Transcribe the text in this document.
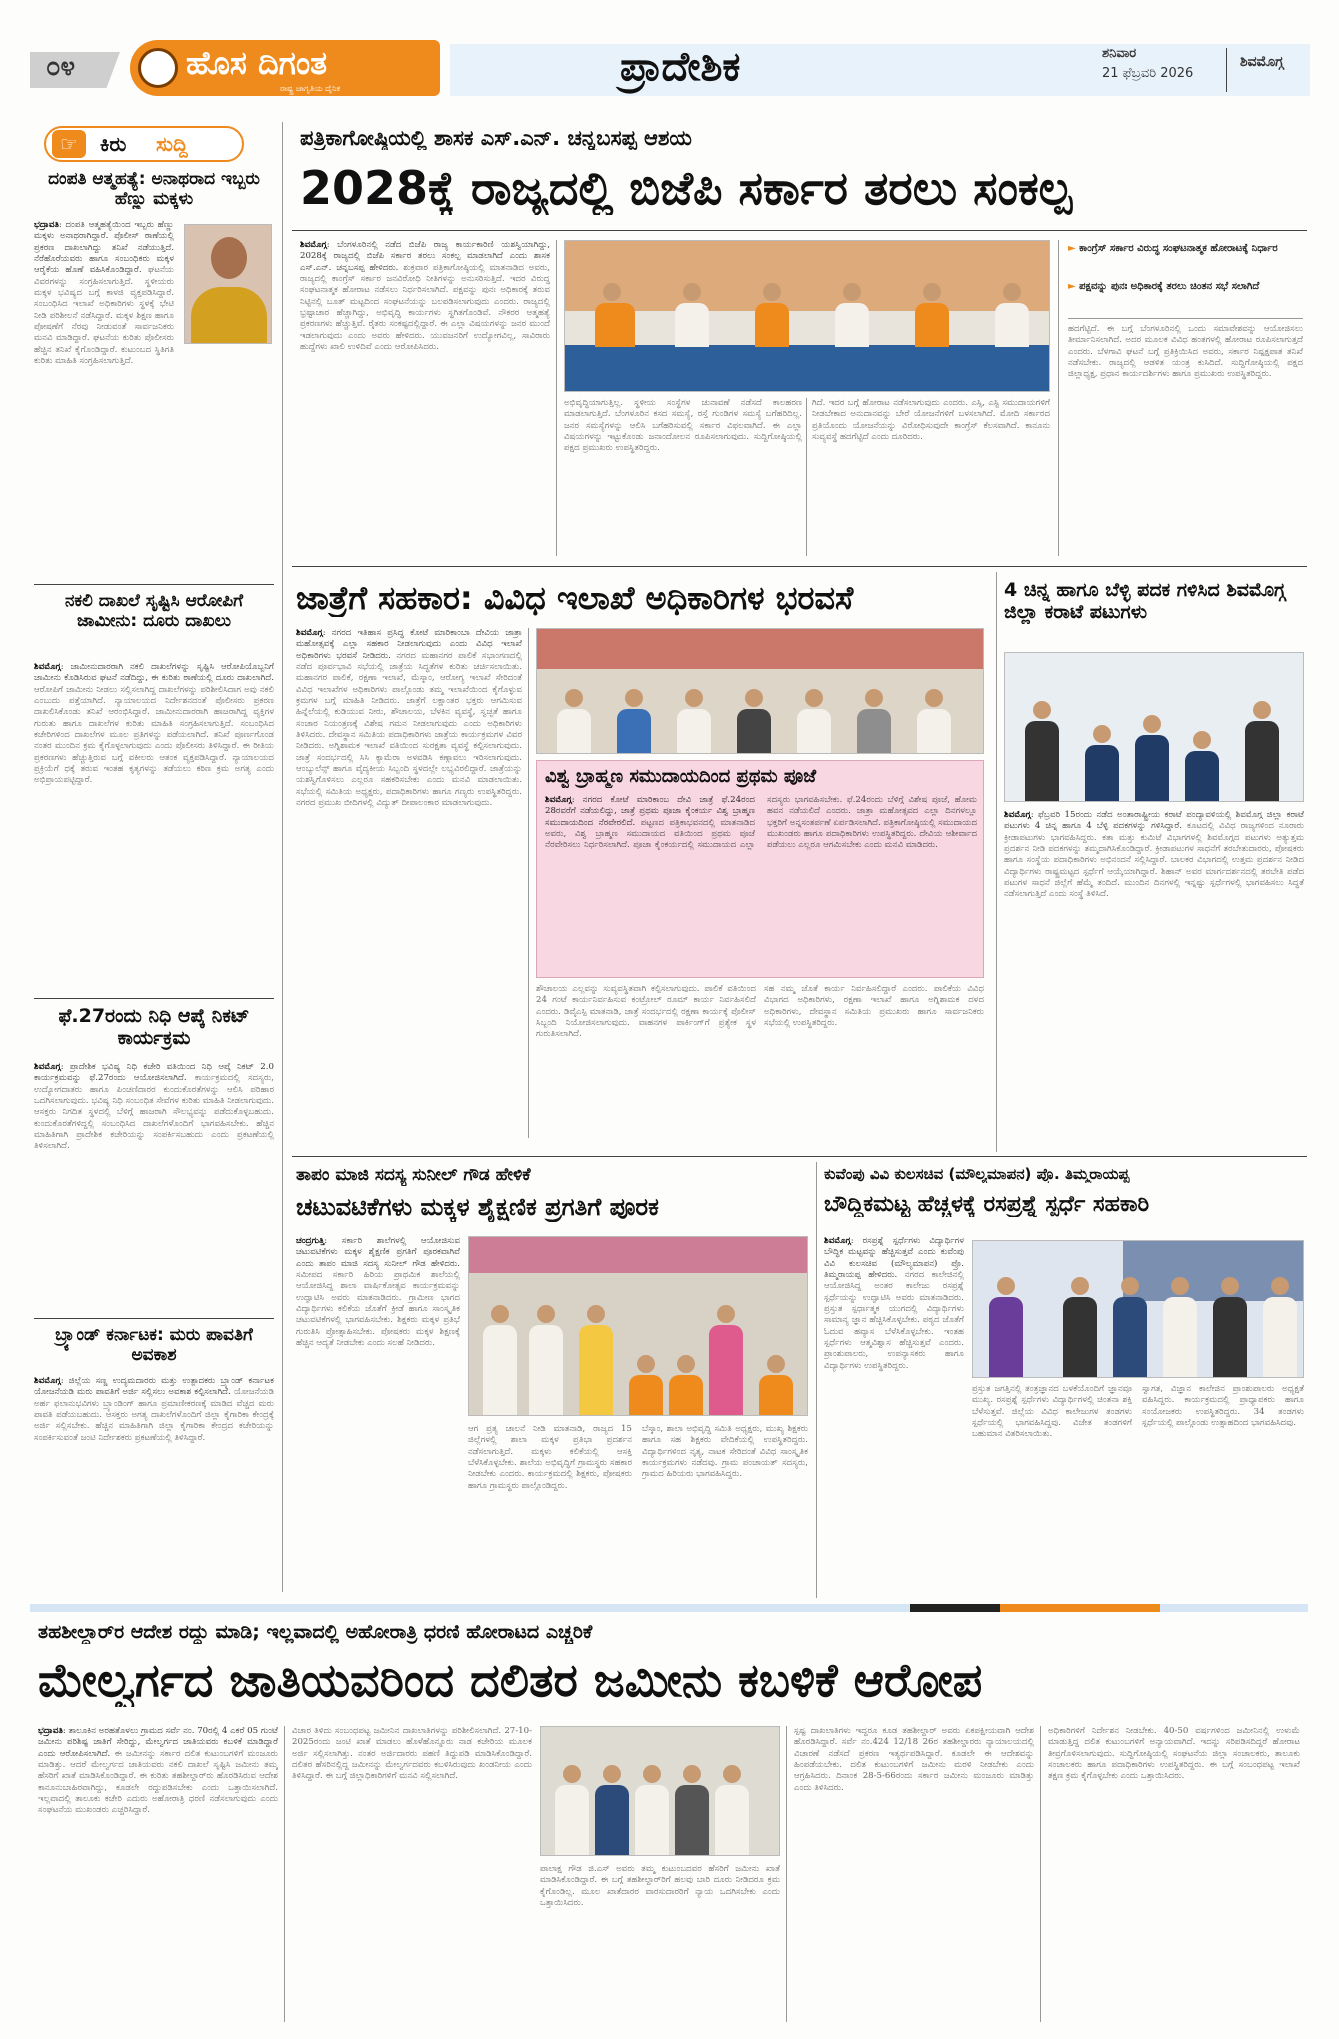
೦೪	ಹೊಸ ದಿಗಂತ
ರಾಷ್ಟ್ರ ಜಾಗೃತಿಯ ದೈನಿಕ	ಪ್ರಾದೇಶಿಕ	ಶನಿವಾರ
21 ಫೆಬ್ರವರಿ 2026
ಶಿವಮೊಗ್ಗ
☞	ಕಿರು ಸುದ್ದಿ
ದಂಪತಿ ಆತ್ಮಹತ್ಯೆ: ಅನಾಥರಾದ ಇಬ್ಬರು ಹೆಣ್ಣು ಮಕ್ಕಳು
ಭದ್ರಾವತಿ: ದಂಪತಿ ಆತ್ಮಹತ್ಯೆಯಿಂದ ಇಬ್ಬರು ಹೆಣ್ಣು ಮಕ್ಕಳು ಅನಾಥರಾಗಿದ್ದಾರೆ. ಪೊಲೀಸ್ ಠಾಣೆಯಲ್ಲಿ ಪ್ರಕರಣ ದಾಖಲಾಗಿದ್ದು ತನಿಖೆ ನಡೆಯುತ್ತಿದೆ. ನೆರೆಹೊರೆಯವರು ಹಾಗೂ ಸಂಬಂಧಿಕರು ಮಕ್ಕಳ ಆರೈಕೆಯ ಹೊಣೆ ವಹಿಸಿಕೊಂಡಿದ್ದಾರೆ. ಘಟನೆಯ ವಿವರಗಳನ್ನು ಸಂಗ್ರಹಿಸಲಾಗುತ್ತಿದೆ. ಸ್ಥಳೀಯರು ಮಕ್ಕಳ ಭವಿಷ್ಯದ ಬಗ್ಗೆ ಕಾಳಜಿ ವ್ಯಕ್ತಪಡಿಸಿದ್ದಾರೆ. ಸಂಬಂಧಿಸಿದ ಇಲಾಖೆ ಅಧಿಕಾರಿಗಳು ಸ್ಥಳಕ್ಕೆ ಭೇಟಿ ನೀಡಿ ಪರಿಶೀಲನೆ ನಡೆಸಿದ್ದಾರೆ. ಮಕ್ಕಳ ಶಿಕ್ಷಣ ಹಾಗೂ ಪೋಷಣೆಗೆ ನೆರವು ನೀಡುವಂತೆ ಸಾರ್ವಜನಿಕರು ಮನವಿ ಮಾಡಿದ್ದಾರೆ. ಘಟನೆಯ ಕುರಿತು ಪೊಲೀಸರು ಹೆಚ್ಚಿನ ತನಿಖೆ ಕೈಗೊಂಡಿದ್ದಾರೆ. ಕುಟುಂಬದ ಸ್ಥಿತಿಗತಿ ಕುರಿತು ಮಾಹಿತಿ ಸಂಗ್ರಹಿಸಲಾಗುತ್ತಿದೆ.
ನಕಲಿ ದಾಖಲೆ ಸೃಷ್ಟಿಸಿ ಆರೋಪಿಗೆ ಜಾಮೀನು: ದೂರು ದಾಖಲು
ಶಿವಮೊಗ್ಗ: ಜಾಮೀನುದಾರರಾಗಿ ನಕಲಿ ದಾಖಲೆಗಳನ್ನು ಸೃಷ್ಟಿಸಿ ಆರೋಪಿಯೊಬ್ಬನಿಗೆ ಜಾಮೀನು ಕೊಡಿಸಿರುವ ಘಟನೆ ನಡೆದಿದ್ದು, ಈ ಕುರಿತು ಠಾಣೆಯಲ್ಲಿ ದೂರು ದಾಖಲಾಗಿದೆ. ಆರೋಪಿಗೆ ಜಾಮೀನು ನೀಡಲು ಸಲ್ಲಿಸಲಾಗಿದ್ದ ದಾಖಲೆಗಳನ್ನು ಪರಿಶೀಲಿಸಿದಾಗ ಅವು ನಕಲಿ ಎಂಬುದು ಪತ್ತೆಯಾಗಿದೆ. ನ್ಯಾಯಾಲಯದ ನಿರ್ದೇಶನದಂತೆ ಪೊಲೀಸರು ಪ್ರಕರಣ ದಾಖಲಿಸಿಕೊಂಡು ತನಿಖೆ ಆರಂಭಿಸಿದ್ದಾರೆ. ಜಾಮೀನುದಾರರಾಗಿ ಹಾಜರಾಗಿದ್ದ ವ್ಯಕ್ತಿಗಳ ಗುರುತು ಹಾಗೂ ದಾಖಲೆಗಳ ಕುರಿತು ಮಾಹಿತಿ ಸಂಗ್ರಹಿಸಲಾಗುತ್ತಿದೆ. ಸಂಬಂಧಿಸಿದ ಕಚೇರಿಗಳಿಂದ ದಾಖಲೆಗಳ ಮೂಲ ಪ್ರತಿಗಳನ್ನು ಪಡೆಯಲಾಗಿದೆ. ತನಿಖೆ ಪೂರ್ಣಗೊಂಡ ನಂತರ ಮುಂದಿನ ಕ್ರಮ ಕೈಗೊಳ್ಳಲಾಗುವುದು ಎಂದು ಪೊಲೀಸರು ತಿಳಿಸಿದ್ದಾರೆ. ಈ ರೀತಿಯ ಪ್ರಕರಣಗಳು ಹೆಚ್ಚುತ್ತಿರುವ ಬಗ್ಗೆ ವಕೀಲರು ಆತಂಕ ವ್ಯಕ್ತಪಡಿಸಿದ್ದಾರೆ. ನ್ಯಾಯಾಲಯದ ಪ್ರಕ್ರಿಯೆಗೆ ಧಕ್ಕೆ ತರುವ ಇಂತಹ ಕೃತ್ಯಗಳನ್ನು ತಡೆಯಲು ಕಠಿಣ ಕ್ರಮ ಅಗತ್ಯ ಎಂದು ಅಭಿಪ್ರಾಯಪಟ್ಟಿದ್ದಾರೆ.
ಫೆ.27ರಂದು ನಿಧಿ ಆಪ್ಕೆ ನಿಕಟ್ ಕಾರ್ಯಕ್ರಮ
ಶಿವಮೊಗ್ಗ: ಪ್ರಾದೇಶಿಕ ಭವಿಷ್ಯ ನಿಧಿ ಕಚೇರಿ ವತಿಯಿಂದ ನಿಧಿ ಆಪ್ಕೆ ನಿಕಟ್ 2.0 ಕಾರ್ಯಕ್ರಮವನ್ನು ಫೆ.27ರಂದು ಆಯೋಜಿಸಲಾಗಿದೆ. ಕಾರ್ಯಕ್ರಮದಲ್ಲಿ ಸದಸ್ಯರು, ಉದ್ಯೋಗದಾತರು ಹಾಗೂ ಪಿಂಚಣಿದಾರರ ಕುಂದುಕೊರತೆಗಳನ್ನು ಆಲಿಸಿ ಪರಿಹಾರ ಒದಗಿಸಲಾಗುವುದು. ಭವಿಷ್ಯ ನಿಧಿ ಸಂಬಂಧಿತ ಸೇವೆಗಳ ಕುರಿತು ಮಾಹಿತಿ ನೀಡಲಾಗುವುದು. ಆಸಕ್ತರು ನಿಗದಿತ ಸ್ಥಳದಲ್ಲಿ ಬೆಳಿಗ್ಗೆ ಹಾಜರಾಗಿ ಸೌಲಭ್ಯವನ್ನು ಪಡೆದುಕೊಳ್ಳಬಹುದು. ಕುಂದುಕೊರತೆಗಳಿದ್ದಲ್ಲಿ ಸಂಬಂಧಿಸಿದ ದಾಖಲೆಗಳೊಂದಿಗೆ ಭಾಗವಹಿಸಬೇಕು. ಹೆಚ್ಚಿನ ಮಾಹಿತಿಗಾಗಿ ಪ್ರಾದೇಶಿಕ ಕಚೇರಿಯನ್ನು ಸಂಪರ್ಕಿಸಬಹುದು ಎಂದು ಪ್ರಕಟಣೆಯಲ್ಲಿ ತಿಳಿಸಲಾಗಿದೆ.
ಬ್ರ್ಯಾಂಡ್ ಕರ್ನಾಟಕ: ಮರು ಪಾವತಿಗೆ ಅವಕಾಶ
ಶಿವಮೊಗ್ಗ: ಜಿಲ್ಲೆಯ ಸಣ್ಣ ಉದ್ಯಮದಾರರು ಮತ್ತು ಉತ್ಪಾದಕರು ಬ್ರ್ಯಾಂಡ್ ಕರ್ನಾಟಕ ಯೋಜನೆಯಡಿ ಮರು ಪಾವತಿಗೆ ಅರ್ಜಿ ಸಲ್ಲಿಸಲು ಅವಕಾಶ ಕಲ್ಪಿಸಲಾಗಿದೆ. ಯೋಜನೆಯಡಿ ಅರ್ಹ ಫಲಾನುಭವಿಗಳು ಬ್ರ್ಯಾಂಡಿಂಗ್ ಹಾಗೂ ಪ್ರಮಾಣೀಕರಣಕ್ಕೆ ಮಾಡಿದ ವೆಚ್ಚದ ಮರು ಪಾವತಿ ಪಡೆಯಬಹುದು. ಆಸಕ್ತರು ಅಗತ್ಯ ದಾಖಲೆಗಳೊಂದಿಗೆ ಜಿಲ್ಲಾ ಕೈಗಾರಿಕಾ ಕೇಂದ್ರಕ್ಕೆ ಅರ್ಜಿ ಸಲ್ಲಿಸಬೇಕು. ಹೆಚ್ಚಿನ ಮಾಹಿತಿಗಾಗಿ ಜಿಲ್ಲಾ ಕೈಗಾರಿಕಾ ಕೇಂದ್ರದ ಕಚೇರಿಯನ್ನು ಸಂಪರ್ಕಿಸುವಂತೆ ಜಂಟಿ ನಿರ್ದೇಶಕರು ಪ್ರಕಟಣೆಯಲ್ಲಿ ತಿಳಿಸಿದ್ದಾರೆ.
ಪತ್ರಿಕಾಗೋಷ್ಠಿಯಲ್ಲಿ ಶಾಸಕ ಎಸ್.ಎನ್. ಚನ್ನಬಸಪ್ಪ ಆಶಯ
2028ಕ್ಕೆ ರಾಜ್ಯದಲ್ಲಿ ಬಿಜೆಪಿ ಸರ್ಕಾರ ತರಲು ಸಂಕಲ್ಪ
ಶಿವಮೊಗ್ಗ: ಬೆಂಗಳೂರಿನಲ್ಲಿ ನಡೆದ ಬಿಜೆಪಿ ರಾಜ್ಯ ಕಾರ್ಯಕಾರಿಣಿ ಯಶಸ್ವಿಯಾಗಿದ್ದು, 2028ಕ್ಕೆ ರಾಜ್ಯದಲ್ಲಿ ಬಿಜೆಪಿ ಸರ್ಕಾರ ತರಲು ಸಂಕಲ್ಪ ಮಾಡಲಾಗಿದೆ ಎಂದು ಶಾಸಕ ಎಸ್.ಎನ್. ಚನ್ನಬಸಪ್ಪ ಹೇಳಿದರು. ಶುಕ್ರವಾರ ಪತ್ರಿಕಾಗೋಷ್ಠಿಯಲ್ಲಿ ಮಾತನಾಡಿದ ಅವರು, ರಾಜ್ಯದಲ್ಲಿ ಕಾಂಗ್ರೆಸ್ ಸರ್ಕಾರ ಜನವಿರೋಧಿ ನೀತಿಗಳನ್ನು ಅನುಸರಿಸುತ್ತಿದೆ. ಇದರ ವಿರುದ್ಧ ಸಂಘಟನಾತ್ಮಕ ಹೋರಾಟ ನಡೆಸಲು ನಿರ್ಧರಿಸಲಾಗಿದೆ. ಪಕ್ಷವನ್ನು ಪುನಃ ಅಧಿಕಾರಕ್ಕೆ ತರುವ ನಿಟ್ಟಿನಲ್ಲಿ ಬೂತ್ ಮಟ್ಟದಿಂದ ಸಂಘಟನೆಯನ್ನು ಬಲಪಡಿಸಲಾಗುವುದು ಎಂದರು. ರಾಜ್ಯದಲ್ಲಿ ಭ್ರಷ್ಟಾಚಾರ ಹೆಚ್ಚಾಗಿದ್ದು, ಅಭಿವೃದ್ಧಿ ಕಾರ್ಯಗಳು ಸ್ಥಗಿತಗೊಂಡಿವೆ. ನೌಕರರ ಆತ್ಮಹತ್ಯೆ ಪ್ರಕರಣಗಳು ಹೆಚ್ಚುತ್ತಿವೆ. ರೈತರು ಸಂಕಷ್ಟದಲ್ಲಿದ್ದಾರೆ. ಈ ಎಲ್ಲಾ ವಿಷಯಗಳನ್ನು ಜನರ ಮುಂದೆ ಇಡಲಾಗುವುದು ಎಂದು ಅವರು ಹೇಳಿದರು. ಯುವಜನರಿಗೆ ಉದ್ಯೋಗವಿಲ್ಲ, ಸಾವಿರಾರು ಹುದ್ದೆಗಳು ಖಾಲಿ ಉಳಿದಿವೆ ಎಂದು ಆರೋಪಿಸಿದರು.
ಅಭಿವೃದ್ಧಿಯಾಗುತ್ತಿಲ್ಲ. ಸ್ಥಳೀಯ ಸಂಸ್ಥೆಗಳ ಚುನಾವಣೆ ನಡೆಸದೆ ಕಾಲಹರಣ ಮಾಡಲಾಗುತ್ತಿದೆ. ಬೆಂಗಳೂರಿನ ಕಸದ ಸಮಸ್ಯೆ, ರಸ್ತೆ ಗುಂಡಿಗಳ ಸಮಸ್ಯೆ ಬಗೆಹರಿದಿಲ್ಲ. ಜನರ ಸಮಸ್ಯೆಗಳನ್ನು ಆಲಿಸಿ ಬಗೆಹರಿಸುವಲ್ಲಿ ಸರ್ಕಾರ ವಿಫಲವಾಗಿದೆ. ಈ ಎಲ್ಲಾ ವಿಷಯಗಳನ್ನು ಇಟ್ಟುಕೊಂಡು ಜನಾಂದೋಲನ ರೂಪಿಸಲಾಗುವುದು. ಸುದ್ದಿಗೋಷ್ಠಿಯಲ್ಲಿ ಪಕ್ಷದ ಪ್ರಮುಖರು ಉಪಸ್ಥಿತರಿದ್ದರು.
ಗಿದೆ. ಇದರ ಬಗ್ಗೆ ಹೋರಾಟ ನಡೆಸಲಾಗುವುದು ಎಂದರು. ಎಸ್ಸಿ, ಎಸ್ಟಿ ಸಮುದಾಯಗಳಿಗೆ ನೀಡಬೇಕಾದ ಅನುದಾನವನ್ನು ಬೇರೆ ಯೋಜನೆಗಳಿಗೆ ಬಳಸಲಾಗಿದೆ. ಮೋದಿ ಸರ್ಕಾರದ ಪ್ರತಿಯೊಂದು ಯೋಜನೆಯನ್ನು ವಿರೋಧಿಸುವುದೇ ಕಾಂಗ್ರೆಸ್ ಕೆಲಸವಾಗಿದೆ. ಕಾನೂನು ಸುವ್ಯವಸ್ಥೆ ಹದಗೆಟ್ಟಿದೆ ಎಂದು ದೂರಿದರು.
► ಕಾಂಗ್ರೆಸ್ ಸರ್ಕಾರ ವಿರುದ್ಧ ಸಂಘಟನಾತ್ಮಕ ಹೋರಾಟಕ್ಕೆ ನಿರ್ಧಾರ
► ಪಕ್ಷವನ್ನು ಪುನಃ ಅಧಿಕಾರಕ್ಕೆ ತರಲು ಚಿಂತನ ಸಭೆ ಸಲಾಗಿದೆ
ಹದಗೆಟ್ಟಿದೆ. ಈ ಬಗ್ಗೆ ಬೆಂಗಳೂರಿನಲ್ಲಿ ಒಂದು ಸಮಾವೇಶವನ್ನು ಆಯೋಜಿಸಲು ತೀರ್ಮಾನಿಸಲಾಗಿದೆ. ಅದರ ಮೂಲಕ ವಿವಿಧ ಹಂತಗಳಲ್ಲಿ ಹೋರಾಟ ರೂಪಿಸಲಾಗುತ್ತದೆ ಎಂದರು. ಬೆಳಗಾವಿ ಘಟನೆ ಬಗ್ಗೆ ಪ್ರತಿಕ್ರಿಯಿಸಿದ ಅವರು, ಸರ್ಕಾರ ನಿಷ್ಪಕ್ಷಪಾತ ತನಿಖೆ ನಡೆಸಬೇಕು. ರಾಜ್ಯದಲ್ಲಿ ಆಡಳಿತ ಯಂತ್ರ ಕುಸಿದಿದೆ. ಸುದ್ದಿಗೋಷ್ಠಿಯಲ್ಲಿ ಪಕ್ಷದ ಜಿಲ್ಲಾಧ್ಯಕ್ಷ, ಪ್ರಧಾನ ಕಾರ್ಯದರ್ಶಿಗಳು ಹಾಗೂ ಪ್ರಮುಖರು ಉಪಸ್ಥಿತರಿದ್ದರು.
ಜಾತ್ರೆಗೆ ಸಹಕಾರ: ವಿವಿಧ ಇಲಾಖೆ ಅಧಿಕಾರಿಗಳ ಭರವಸೆ
ಶಿವಮೊಗ್ಗ: ನಗರದ ಇತಿಹಾಸ ಪ್ರಸಿದ್ಧ ಕೋಟೆ ಮಾರಿಕಾಂಬಾ ದೇವಿಯ ಜಾತ್ರಾ ಮಹೋತ್ಸವಕ್ಕೆ ಎಲ್ಲಾ ಸಹಕಾರ ನೀಡಲಾಗುವುದು ಎಂದು ವಿವಿಧ ಇಲಾಖೆ ಅಧಿಕಾರಿಗಳು ಭರವಸೆ ನೀಡಿದರು. ನಗರದ ಮಹಾನಗರ ಪಾಲಿಕೆ ಸಭಾಂಗಣದಲ್ಲಿ ನಡೆದ ಪೂರ್ವಭಾವಿ ಸಭೆಯಲ್ಲಿ ಜಾತ್ರೆಯ ಸಿದ್ಧತೆಗಳ ಕುರಿತು ಚರ್ಚಿಸಲಾಯಿತು. ಮಹಾನಗರ ಪಾಲಿಕೆ, ರಕ್ಷಣಾ ಇಲಾಖೆ, ಮೆಸ್ಕಾಂ, ಆರೋಗ್ಯ ಇಲಾಖೆ ಸೇರಿದಂತೆ ವಿವಿಧ ಇಲಾಖೆಗಳ ಅಧಿಕಾರಿಗಳು ಪಾಲ್ಗೊಂಡು ತಮ್ಮ ಇಲಾಖೆಯಿಂದ ಕೈಗೊಳ್ಳುವ ಕ್ರಮಗಳ ಬಗ್ಗೆ ಮಾಹಿತಿ ನೀಡಿದರು. ಜಾತ್ರೆಗೆ ಲಕ್ಷಾಂತರ ಭಕ್ತರು ಆಗಮಿಸುವ ಹಿನ್ನೆಲೆಯಲ್ಲಿ ಕುಡಿಯುವ ನೀರು, ಶೌಚಾಲಯ, ಬೆಳಕಿನ ವ್ಯವಸ್ಥೆ, ಸ್ವಚ್ಛತೆ ಹಾಗೂ ಸಂಚಾರ ನಿಯಂತ್ರಣಕ್ಕೆ ವಿಶೇಷ ಗಮನ ನೀಡಲಾಗುವುದು ಎಂದು ಅಧಿಕಾರಿಗಳು ತಿಳಿಸಿದರು. ದೇವಸ್ಥಾನ ಸಮಿತಿಯ ಪದಾಧಿಕಾರಿಗಳು ಜಾತ್ರೆಯ ಕಾರ್ಯಕ್ರಮಗಳ ವಿವರ ನೀಡಿದರು. ಅಗ್ನಿಶಾಮಕ ಇಲಾಖೆ ವತಿಯಿಂದ ಸುರಕ್ಷತಾ ವ್ಯವಸ್ಥೆ ಕಲ್ಪಿಸಲಾಗುವುದು. ಜಾತ್ರೆ ಸಂದರ್ಭದಲ್ಲಿ ಸಿಸಿ ಕ್ಯಾಮೆರಾ ಅಳವಡಿಸಿ ಕಣ್ಗಾವಲು ಇರಿಸಲಾಗುವುದು. ಆಂಬ್ಯುಲೆನ್ಸ್ ಹಾಗೂ ವೈದ್ಯಕೀಯ ಸಿಬ್ಬಂದಿ ಸ್ಥಳದಲ್ಲೇ ಲಭ್ಯವಿರಲಿದ್ದಾರೆ. ಜಾತ್ರೆಯನ್ನು ಯಶಸ್ವಿಗೊಳಿಸಲು ಎಲ್ಲರೂ ಸಹಕರಿಸಬೇಕು ಎಂದು ಮನವಿ ಮಾಡಲಾಯಿತು. ಸಭೆಯಲ್ಲಿ ಸಮಿತಿಯ ಅಧ್ಯಕ್ಷರು, ಪದಾಧಿಕಾರಿಗಳು ಹಾಗೂ ಗಣ್ಯರು ಉಪಸ್ಥಿತರಿದ್ದರು. ನಗರದ ಪ್ರಮುಖ ಬೀದಿಗಳಲ್ಲಿ ವಿದ್ಯುತ್ ದೀಪಾಲಂಕಾರ ಮಾಡಲಾಗುವುದು.
ವಿಶ್ವ ಬ್ರಾಹ್ಮಣ ಸಮುದಾಯದಿಂದ ಪ್ರಥಮ ಪೂಜೆ
ಶಿವಮೊಗ್ಗ: ನಗರದ ಕೋಟೆ ಮಾರಿಕಾಂಬ ದೇವಿ ಜಾತ್ರೆ ಫೆ.24ರಂದ 28ರವರೆಗೆ ನಡೆಯಲಿದ್ದು, ಜಾತ್ರೆ ಪ್ರಥಮ ಪೂಜಾ ಕೈಂಕರ್ಯ ವಿಶ್ವ ಬ್ರಾಹ್ಮಣ ಸಮುದಾಯದಿಂದ ನೆರವೇರಲಿದೆ. ಪಟ್ಟಣದ ಪತ್ರಿಕಾಭವನದಲ್ಲಿ ಮಾತನಾಡಿದ ಅವರು, ವಿಶ್ವ ಬ್ರಾಹ್ಮಣ ಸಮುದಾಯದ ವತಿಯಿಂದ ಪ್ರಥಮ ಪೂಜೆ ನೆರವೇರಿಸಲು ನಿರ್ಧರಿಸಲಾಗಿದೆ. ಪೂಜಾ ಕೈಂಕರ್ಯದಲ್ಲಿ ಸಮುದಾಯದ ಎಲ್ಲಾ ಸದಸ್ಯರು ಭಾಗವಹಿಸಬೇಕು. ಫೆ.24ರಂದು ಬೆಳಿಗ್ಗೆ ವಿಶೇಷ ಪೂಜೆ, ಹೋಮ ಹವನ ನಡೆಯಲಿದೆ ಎಂದರು. ಜಾತ್ರಾ ಮಹೋತ್ಸವದ ಎಲ್ಲಾ ದಿನಗಳಲ್ಲೂ ಭಕ್ತರಿಗೆ ಅನ್ನಸಂತರ್ಪಣೆ ಏರ್ಪಡಿಸಲಾಗಿದೆ. ಪತ್ರಿಕಾಗೋಷ್ಠಿಯಲ್ಲಿ ಸಮುದಾಯದ ಮುಖಂಡರು ಹಾಗೂ ಪದಾಧಿಕಾರಿಗಳು ಉಪಸ್ಥಿತರಿದ್ದರು. ದೇವಿಯ ಆಶೀರ್ವಾದ ಪಡೆಯಲು ಎಲ್ಲರೂ ಆಗಮಿಸಬೇಕು ಎಂದು ಮನವಿ ಮಾಡಿದರು.
ಶೌಚಾಲಯ ಎಲ್ಲವನ್ನು ಸುವ್ಯವಸ್ಥಿತವಾಗಿ ಕಲ್ಪಿಸಲಾಗುವುದು. ಪಾಲಿಕೆ ವತಿಯಿಂದ 24 ಗಂಟೆ ಕಾರ್ಯನಿರ್ವಹಿಸುವ ಕಂಟ್ರೋಲ್ ರೂಮ್ ಕಾರ್ಯ ನಿರ್ವಹಿಸಲಿದೆ ಎಂದರು. ಡಿವೈಎಸ್ಪಿ ಮಾತನಾಡಿ, ಜಾತ್ರೆ ಸಂದರ್ಭದಲ್ಲಿ ರಕ್ಷಣಾ ಕಾರ್ಯಕ್ಕೆ ಪೊಲೀಸ್ ಸಿಬ್ಬಂದಿ ನಿಯೋಜಿಸಲಾಗುವುದು. ವಾಹನಗಳ ಪಾರ್ಕಿಂಗ್‌ಗೆ ಪ್ರತ್ಯೇಕ ಸ್ಥಳ ಗುರುತಿಸಲಾಗಿದೆ.
ಸಹ ನಮ್ಮ ಜೊತೆ ಕಾರ್ಯ ನಿರ್ವಹಿಸಲಿದ್ದಾರೆ ಎಂದರು. ಪಾಲಿಕೆಯ ವಿವಿಧ ವಿಭಾಗದ ಅಧಿಕಾರಿಗಳು, ರಕ್ಷಣಾ ಇಲಾಖೆ ಹಾಗೂ ಅಗ್ನಿಶಾಮಕ ದಳದ ಅಧಿಕಾರಿಗಳು, ದೇವಸ್ಥಾನ ಸಮಿತಿಯ ಪ್ರಮುಖರು ಹಾಗೂ ಸಾರ್ವಜನಿಕರು ಸಭೆಯಲ್ಲಿ ಉಪಸ್ಥಿತರಿದ್ದರು.
4 ಚಿನ್ನ ಹಾಗೂ ಬೆಳ್ಳಿ ಪದಕ ಗಳಿಸಿದ ಶಿವಮೊಗ್ಗ ಜಿಲ್ಲಾ ಕರಾಟೆ ಪಟುಗಳು
ಶಿವಮೊಗ್ಗ: ಫೆಬ್ರವರಿ 15ರಂದು ನಡೆದ ಅಂತಾರಾಷ್ಟ್ರೀಯ ಕರಾಟೆ ಪಂದ್ಯಾವಳಿಯಲ್ಲಿ ಶಿವಮೊಗ್ಗ ಜಿಲ್ಲಾ ಕರಾಟೆ ಪಟುಗಳು 4 ಚಿನ್ನ ಹಾಗೂ 4 ಬೆಳ್ಳಿ ಪದಕಗಳನ್ನು ಗಳಿಸಿದ್ದಾರೆ. ಕೂಟದಲ್ಲಿ ವಿವಿಧ ರಾಜ್ಯಗಳಿಂದ ನೂರಾರು ಕ್ರೀಡಾಪಟುಗಳು ಭಾಗವಹಿಸಿದ್ದರು. ಕತಾ ಮತ್ತು ಕುಮಿಟೆ ವಿಭಾಗಗಳಲ್ಲಿ ಶಿವಮೊಗ್ಗದ ಪಟುಗಳು ಅತ್ಯುತ್ತಮ ಪ್ರದರ್ಶನ ನೀಡಿ ಪದಕಗಳನ್ನು ತಮ್ಮದಾಗಿಸಿಕೊಂಡಿದ್ದಾರೆ. ಕ್ರೀಡಾಪಟುಗಳ ಸಾಧನೆಗೆ ತರಬೇತುದಾರರು, ಪೋಷಕರು ಹಾಗೂ ಸಂಸ್ಥೆಯ ಪದಾಧಿಕಾರಿಗಳು ಅಭಿನಂದನೆ ಸಲ್ಲಿಸಿದ್ದಾರೆ. ಬಾಲಕರ ವಿಭಾಗದಲ್ಲಿ ಉತ್ತಮ ಪ್ರದರ್ಶನ ನೀಡಿದ ವಿದ್ಯಾರ್ಥಿಗಳು ರಾಷ್ಟ್ರಮಟ್ಟದ ಸ್ಪರ್ಧೆಗೆ ಆಯ್ಕೆಯಾಗಿದ್ದಾರೆ. ಶಿಹಾನ್ ಅವರ ಮಾರ್ಗದರ್ಶನದಲ್ಲಿ ತರಬೇತಿ ಪಡೆದ ಪಟುಗಳ ಸಾಧನೆ ಜಿಲ್ಲೆಗೆ ಹೆಮ್ಮೆ ತಂದಿದೆ. ಮುಂದಿನ ದಿನಗಳಲ್ಲಿ ಇನ್ನಷ್ಟು ಸ್ಪರ್ಧೆಗಳಲ್ಲಿ ಭಾಗವಹಿಸಲು ಸಿದ್ಧತೆ ನಡೆಸಲಾಗುತ್ತಿದೆ ಎಂದು ಸಂಸ್ಥೆ ತಿಳಿಸಿದೆ.
ತಾಪಂ ಮಾಜಿ ಸದಸ್ಯ ಸುನೀಲ್ ಗೌಡ ಹೇಳಿಕೆ
ಚಟುವಟಿಕೆಗಳು ಮಕ್ಕಳ ಶೈಕ್ಷಣಿಕ ಪ್ರಗತಿಗೆ ಪೂರಕ
ಚಂದ್ರಗುತ್ತಿ: ಸರ್ಕಾರಿ ಶಾಲೆಗಳಲ್ಲಿ ಆಯೋಜಿಸುವ ಚಟುವಟಿಕೆಗಳು ಮಕ್ಕಳ ಶೈಕ್ಷಣಿಕ ಪ್ರಗತಿಗೆ ಪೂರಕವಾಗಿವೆ ಎಂದು ತಾಪಂ ಮಾಜಿ ಸದಸ್ಯ ಸುನೀಲ್ ಗೌಡ ಹೇಳಿದರು. ಸಮೀಪದ ಸರ್ಕಾರಿ ಹಿರಿಯ ಪ್ರಾಥಮಿಕ ಶಾಲೆಯಲ್ಲಿ ಆಯೋಜಿಸಿದ್ದ ಶಾಲಾ ವಾರ್ಷಿಕೋತ್ಸವ ಕಾರ್ಯಕ್ರಮವನ್ನು ಉದ್ಘಾಟಿಸಿ ಅವರು ಮಾತನಾಡಿದರು. ಗ್ರಾಮೀಣ ಭಾಗದ ವಿದ್ಯಾರ್ಥಿಗಳು ಕಲಿಕೆಯ ಜೊತೆಗೆ ಕ್ರೀಡೆ ಹಾಗೂ ಸಾಂಸ್ಕೃತಿಕ ಚಟುವಟಿಕೆಗಳಲ್ಲಿ ಭಾಗವಹಿಸಬೇಕು. ಶಿಕ್ಷಕರು ಮಕ್ಕಳ ಪ್ರತಿಭೆ ಗುರುತಿಸಿ ಪ್ರೋತ್ಸಾಹಿಸಬೇಕು. ಪೋಷಕರು ಮಕ್ಕಳ ಶಿಕ್ಷಣಕ್ಕೆ ಹೆಚ್ಚಿನ ಆದ್ಯತೆ ನೀಡಬೇಕು ಎಂದು ಸಲಹೆ ನೀಡಿದರು.
ಆಗ ಪ್ರತ್ಯ ಚಾಲನೆ ನೀಡಿ ಮಾತನಾಡಿ, ರಾಜ್ಯದ 15 ಜಿಲ್ಲೆಗಳಲ್ಲಿ ಶಾಲಾ ಮಕ್ಕಳ ಪ್ರತಿಭಾ ಪ್ರದರ್ಶನ ನಡೆಸಲಾಗುತ್ತಿದೆ. ಮಕ್ಕಳು ಕಲಿಕೆಯಲ್ಲಿ ಆಸಕ್ತಿ ಬೆಳೆಸಿಕೊಳ್ಳಬೇಕು. ಶಾಲೆಯ ಅಭಿವೃದ್ಧಿಗೆ ಗ್ರಾಮಸ್ಥರು ಸಹಕಾರ ನೀಡಬೇಕು ಎಂದರು. ಕಾರ್ಯಕ್ರಮದಲ್ಲಿ ಶಿಕ್ಷಕರು, ಪೋಷಕರು ಹಾಗೂ ಗ್ರಾಮಸ್ಥರು ಪಾಲ್ಗೊಂಡಿದ್ದರು.
ಬೆಸ್ಕಾಂ, ಶಾಲಾ ಅಭಿವೃದ್ಧಿ ಸಮಿತಿ ಅಧ್ಯಕ್ಷರು, ಮುಖ್ಯ ಶಿಕ್ಷಕರು ಹಾಗೂ ಸಹ ಶಿಕ್ಷಕರು ವೇದಿಕೆಯಲ್ಲಿ ಉಪಸ್ಥಿತರಿದ್ದರು. ವಿದ್ಯಾರ್ಥಿಗಳಿಂದ ನೃತ್ಯ, ನಾಟಕ ಸೇರಿದಂತೆ ವಿವಿಧ ಸಾಂಸ್ಕೃತಿಕ ಕಾರ್ಯಕ್ರಮಗಳು ನಡೆದವು. ಗ್ರಾಮ ಪಂಚಾಯತ್ ಸದಸ್ಯರು, ಗ್ರಾಮದ ಹಿರಿಯರು ಭಾಗವಹಿಸಿದ್ದರು.
ಕುವೆಂಪು ವಿವಿ ಕುಲಸಚಿವ (ಮೌಲ್ಯಮಾಪನ) ಪ್ರೊ. ತಿಮ್ಮರಾಯಪ್ಪ
ಬೌದ್ಧಿಕಮಟ್ಟ ಹೆಚ್ಚಳಕ್ಕೆ ರಸಪ್ರಶ್ನೆ ಸ್ಪರ್ಧೆ ಸಹಕಾರಿ
ಶಿವಮೊಗ್ಗ: ರಸಪ್ರಶ್ನೆ ಸ್ಪರ್ಧೆಗಳು ವಿದ್ಯಾರ್ಥಿಗಳ ಬೌದ್ಧಿಕ ಮಟ್ಟವನ್ನು ಹೆಚ್ಚಿಸುತ್ತವೆ ಎಂದು ಕುವೆಂಪು ವಿವಿ ಕುಲಸಚಿವ (ಮೌಲ್ಯಮಾಪನ) ಪ್ರೊ. ತಿಮ್ಮರಾಯಪ್ಪ ಹೇಳಿದರು. ನಗರದ ಕಾಲೇಜಿನಲ್ಲಿ ಆಯೋಜಿಸಿದ್ದ ಅಂತರ ಕಾಲೇಜು ರಸಪ್ರಶ್ನೆ ಸ್ಪರ್ಧೆಯನ್ನು ಉದ್ಘಾಟಿಸಿ ಅವರು ಮಾತನಾಡಿದರು. ಪ್ರಸ್ತುತ ಸ್ಪರ್ಧಾತ್ಮಕ ಯುಗದಲ್ಲಿ ವಿದ್ಯಾರ್ಥಿಗಳು ಸಾಮಾನ್ಯ ಜ್ಞಾನ ಹೆಚ್ಚಿಸಿಕೊಳ್ಳಬೇಕು. ಪಠ್ಯದ ಜೊತೆಗೆ ಓದುವ ಹವ್ಯಾಸ ಬೆಳೆಸಿಕೊಳ್ಳಬೇಕು. ಇಂತಹ ಸ್ಪರ್ಧೆಗಳು ಆತ್ಮವಿಶ್ವಾಸ ಹೆಚ್ಚಿಸುತ್ತವೆ ಎಂದರು. ಪ್ರಾಂಶುಪಾಲರು, ಉಪನ್ಯಾಸಕರು ಹಾಗೂ ವಿದ್ಯಾರ್ಥಿಗಳು ಉಪಸ್ಥಿತರಿದ್ದರು.
ಪ್ರಸ್ತುತ ಜಗತ್ತಿನಲ್ಲಿ ತಂತ್ರಜ್ಞಾನದ ಬಳಕೆಯೊಂದಿಗೆ ಜ್ಞಾನವೂ ಮುಖ್ಯ. ರಸಪ್ರಶ್ನೆ ಸ್ಪರ್ಧೆಗಳು ವಿದ್ಯಾರ್ಥಿಗಳಲ್ಲಿ ಚಿಂತನಾ ಶಕ್ತಿ ಬೆಳೆಸುತ್ತವೆ. ಜಿಲ್ಲೆಯ ವಿವಿಧ ಕಾಲೇಜುಗಳ ತಂಡಗಳು ಸ್ಪರ್ಧೆಯಲ್ಲಿ ಭಾಗವಹಿಸಿದ್ದವು. ವಿಜೇತ ತಂಡಗಳಿಗೆ ಬಹುಮಾನ ವಿತರಿಸಲಾಯಿತು.
ಸ್ವಾಗತ, ವಿಜ್ಞಾನ ಕಾಲೇಜಿನ ಪ್ರಾಂಶುಪಾಲರು ಅಧ್ಯಕ್ಷತೆ ವಹಿಸಿದ್ದರು. ಕಾರ್ಯಕ್ರಮದಲ್ಲಿ ಪ್ರಾಧ್ಯಾಪಕರು ಹಾಗೂ ಸಂಯೋಜಕರು ಉಪಸ್ಥಿತರಿದ್ದರು. 34 ತಂಡಗಳು ಸ್ಪರ್ಧೆಯಲ್ಲಿ ಪಾಲ್ಗೊಂಡು ಉತ್ಸಾಹದಿಂದ ಭಾಗವಹಿಸಿದವು.
ತಹಶೀಲ್ದಾರ್‌ರ ಆದೇಶ ರದ್ದು ಮಾಡಿ; ಇಲ್ಲವಾದಲ್ಲಿ ಅಹೋರಾತ್ರಿ ಧರಣಿ ಹೋರಾಟದ ಎಚ್ಚರಿಕೆ
ಮೇಲ್ವರ್ಗದ ಜಾತಿಯವರಿಂದ ದಲಿತರ ಜಮೀನು ಕಬಳಿಕೆ ಆರೋಪ
ಭದ್ರಾವತಿ: ತಾಲೂಕಿನ ಅರಹತೊಳಲು ಗ್ರಾಮದ ಸರ್ವೆ ನಂ. 70ರಲ್ಲಿ 4 ಎಕರೆ 05 ಗುಂಟೆ ಜಮೀನು ಪರಿಶಿಷ್ಟ ಜಾತಿಗೆ ಸೇರಿದ್ದು, ಮೇಲ್ವರ್ಗದ ಜಾತಿಯವರು ಕಬಳಿಕೆ ಮಾಡಿದ್ದಾರೆ ಎಂದು ಆರೋಪಿಸಲಾಗಿದೆ. ಈ ಜಮೀನನ್ನು ಸರ್ಕಾರ ದಲಿತ ಕುಟುಂಬಗಳಿಗೆ ಮಂಜೂರು ಮಾಡಿತ್ತು. ಆದರೆ ಮೇಲ್ವರ್ಗದ ಜಾತಿಯವರು ನಕಲಿ ದಾಖಲೆ ಸೃಷ್ಟಿಸಿ ಜಮೀನು ತಮ್ಮ ಹೆಸರಿಗೆ ಖಾತೆ ಮಾಡಿಸಿಕೊಂಡಿದ್ದಾರೆ. ಈ ಕುರಿತು ತಹಶೀಲ್ದಾರ್‌ರು ಹೊರಡಿಸಿರುವ ಆದೇಶ ಕಾನೂನುಬಾಹಿರವಾಗಿದ್ದು, ಕೂಡಲೇ ರದ್ದುಪಡಿಸಬೇಕು ಎಂದು ಒತ್ತಾಯಿಸಲಾಗಿದೆ. ಇಲ್ಲವಾದಲ್ಲಿ ತಾಲೂಕು ಕಚೇರಿ ಎದುರು ಅಹೋರಾತ್ರಿ ಧರಣಿ ನಡೆಸಲಾಗುವುದು ಎಂದು ಸಂಘಟನೆಯ ಮುಖಂಡರು ಎಚ್ಚರಿಸಿದ್ದಾರೆ.
ವಿಚಾರ ತಿಳಿದು ಸಂಬಂಧಪಟ್ಟ ಜಮೀನಿನ ದಾಖಲಾತಿಗಳನ್ನು ಪರಿಶೀಲಿಸಲಾಗಿದೆ. 27-10-2025ರಂದು ಜಂಟಿ ಖಾತೆ ಮಾಡಲು ಹೊಳೆಹೊನ್ನೂರು ನಾಡ ಕಚೇರಿಯ ಮೂಲಕ ಅರ್ಜಿ ಸಲ್ಲಿಸಲಾಗಿತ್ತು. ನಂತರ ಅರ್ಜಿದಾರರು ಪಹಣಿ ತಿದ್ದುಪಡಿ ಮಾಡಿಸಿಕೊಂಡಿದ್ದಾರೆ. ದಲಿತರ ಹೆಸರಿನಲ್ಲಿದ್ದ ಜಮೀನನ್ನು ಮೇಲ್ವರ್ಗದವರು ಕಬಳಿಸಿರುವುದು ಖಂಡನೀಯ ಎಂದು ತಿಳಿಸಿದ್ದಾರೆ. ಈ ಬಗ್ಗೆ ಜಿಲ್ಲಾಧಿಕಾರಿಗಳಿಗೆ ಮನವಿ ಸಲ್ಲಿಸಲಾಗಿದೆ.
ಪಾಲಾಕ್ಷ ಗೌಡ ಜಿ.ಎಸ್ ಅವರು ತಮ್ಮ ಕುಟುಂಬದವರ ಹೆಸರಿಗೆ ಜಮೀನು ಖಾತೆ ಮಾಡಿಸಿಕೊಂಡಿದ್ದಾರೆ. ಈ ಬಗ್ಗೆ ತಹಶೀಲ್ದಾರ್‌ರಿಗೆ ಹಲವು ಬಾರಿ ದೂರು ನೀಡಿದರೂ ಕ್ರಮ ಕೈಗೊಂಡಿಲ್ಲ. ಮೂಲ ಖಾತೆದಾರರ ವಾರಸುದಾರರಿಗೆ ನ್ಯಾಯ ಒದಗಿಸಬೇಕು ಎಂದು ಒತ್ತಾಯಿಸಿದರು.
ಸ್ಪಷ್ಟ ದಾಖಲಾತಿಗಳು ಇದ್ದರೂ ಕೂಡ ತಹಶೀಲ್ದಾರ್ ಅವರು ಏಕಪಕ್ಷೀಯವಾಗಿ ಆದೇಶ ಹೊರಡಿಸಿದ್ದಾರೆ. ಸರ್ವೆ ನಂ.424 12/18 26ರ ತಹಶೀಲ್ದಾರರು ನ್ಯಾಯಾಲಯದಲ್ಲಿ ವಿಚಾರಣೆ ನಡೆಸದೆ ಪ್ರಕರಣ ಇತ್ಯರ್ಥಪಡಿಸಿದ್ದಾರೆ. ಕೂಡಲೇ ಈ ಆದೇಶವನ್ನು ಹಿಂಪಡೆಯಬೇಕು. ದಲಿತ ಕುಟುಂಬಗಳಿಗೆ ಜಮೀನು ಮರಳಿ ನೀಡಬೇಕು ಎಂದು ಆಗ್ರಹಿಸಿದರು. ದಿನಾಂಕ 28-5-66ರಂದು ಸರ್ಕಾರ ಜಮೀನು ಮಂಜೂರು ಮಾಡಿತ್ತು ಎಂದು ತಿಳಿಸಿದರು.
ಅಧಿಕಾರಿಗಳಿಗೆ ನಿರ್ದೇಶನ ನೀಡಬೇಕು. 40-50 ವರ್ಷಗಳಿಂದ ಜಮೀನಿನಲ್ಲಿ ಉಳುಮೆ ಮಾಡುತ್ತಿದ್ದ ದಲಿತ ಕುಟುಂಬಗಳಿಗೆ ಅನ್ಯಾಯವಾಗಿದೆ. ಇದನ್ನು ಸರಿಪಡಿಸದಿದ್ದರೆ ಹೋರಾಟ ತೀವ್ರಗೊಳಿಸಲಾಗುವುದು. ಸುದ್ದಿಗೋಷ್ಠಿಯಲ್ಲಿ ಸಂಘಟನೆಯ ಜಿಲ್ಲಾ ಸಂಚಾಲಕರು, ತಾಲೂಕು ಸಂಚಾಲಕರು ಹಾಗೂ ಪದಾಧಿಕಾರಿಗಳು ಉಪಸ್ಥಿತರಿದ್ದರು. ಈ ಬಗ್ಗೆ ಸಂಬಂಧಪಟ್ಟ ಇಲಾಖೆ ತಕ್ಷಣ ಕ್ರಮ ಕೈಗೊಳ್ಳಬೇಕು ಎಂದು ಒತ್ತಾಯಿಸಿದರು.
